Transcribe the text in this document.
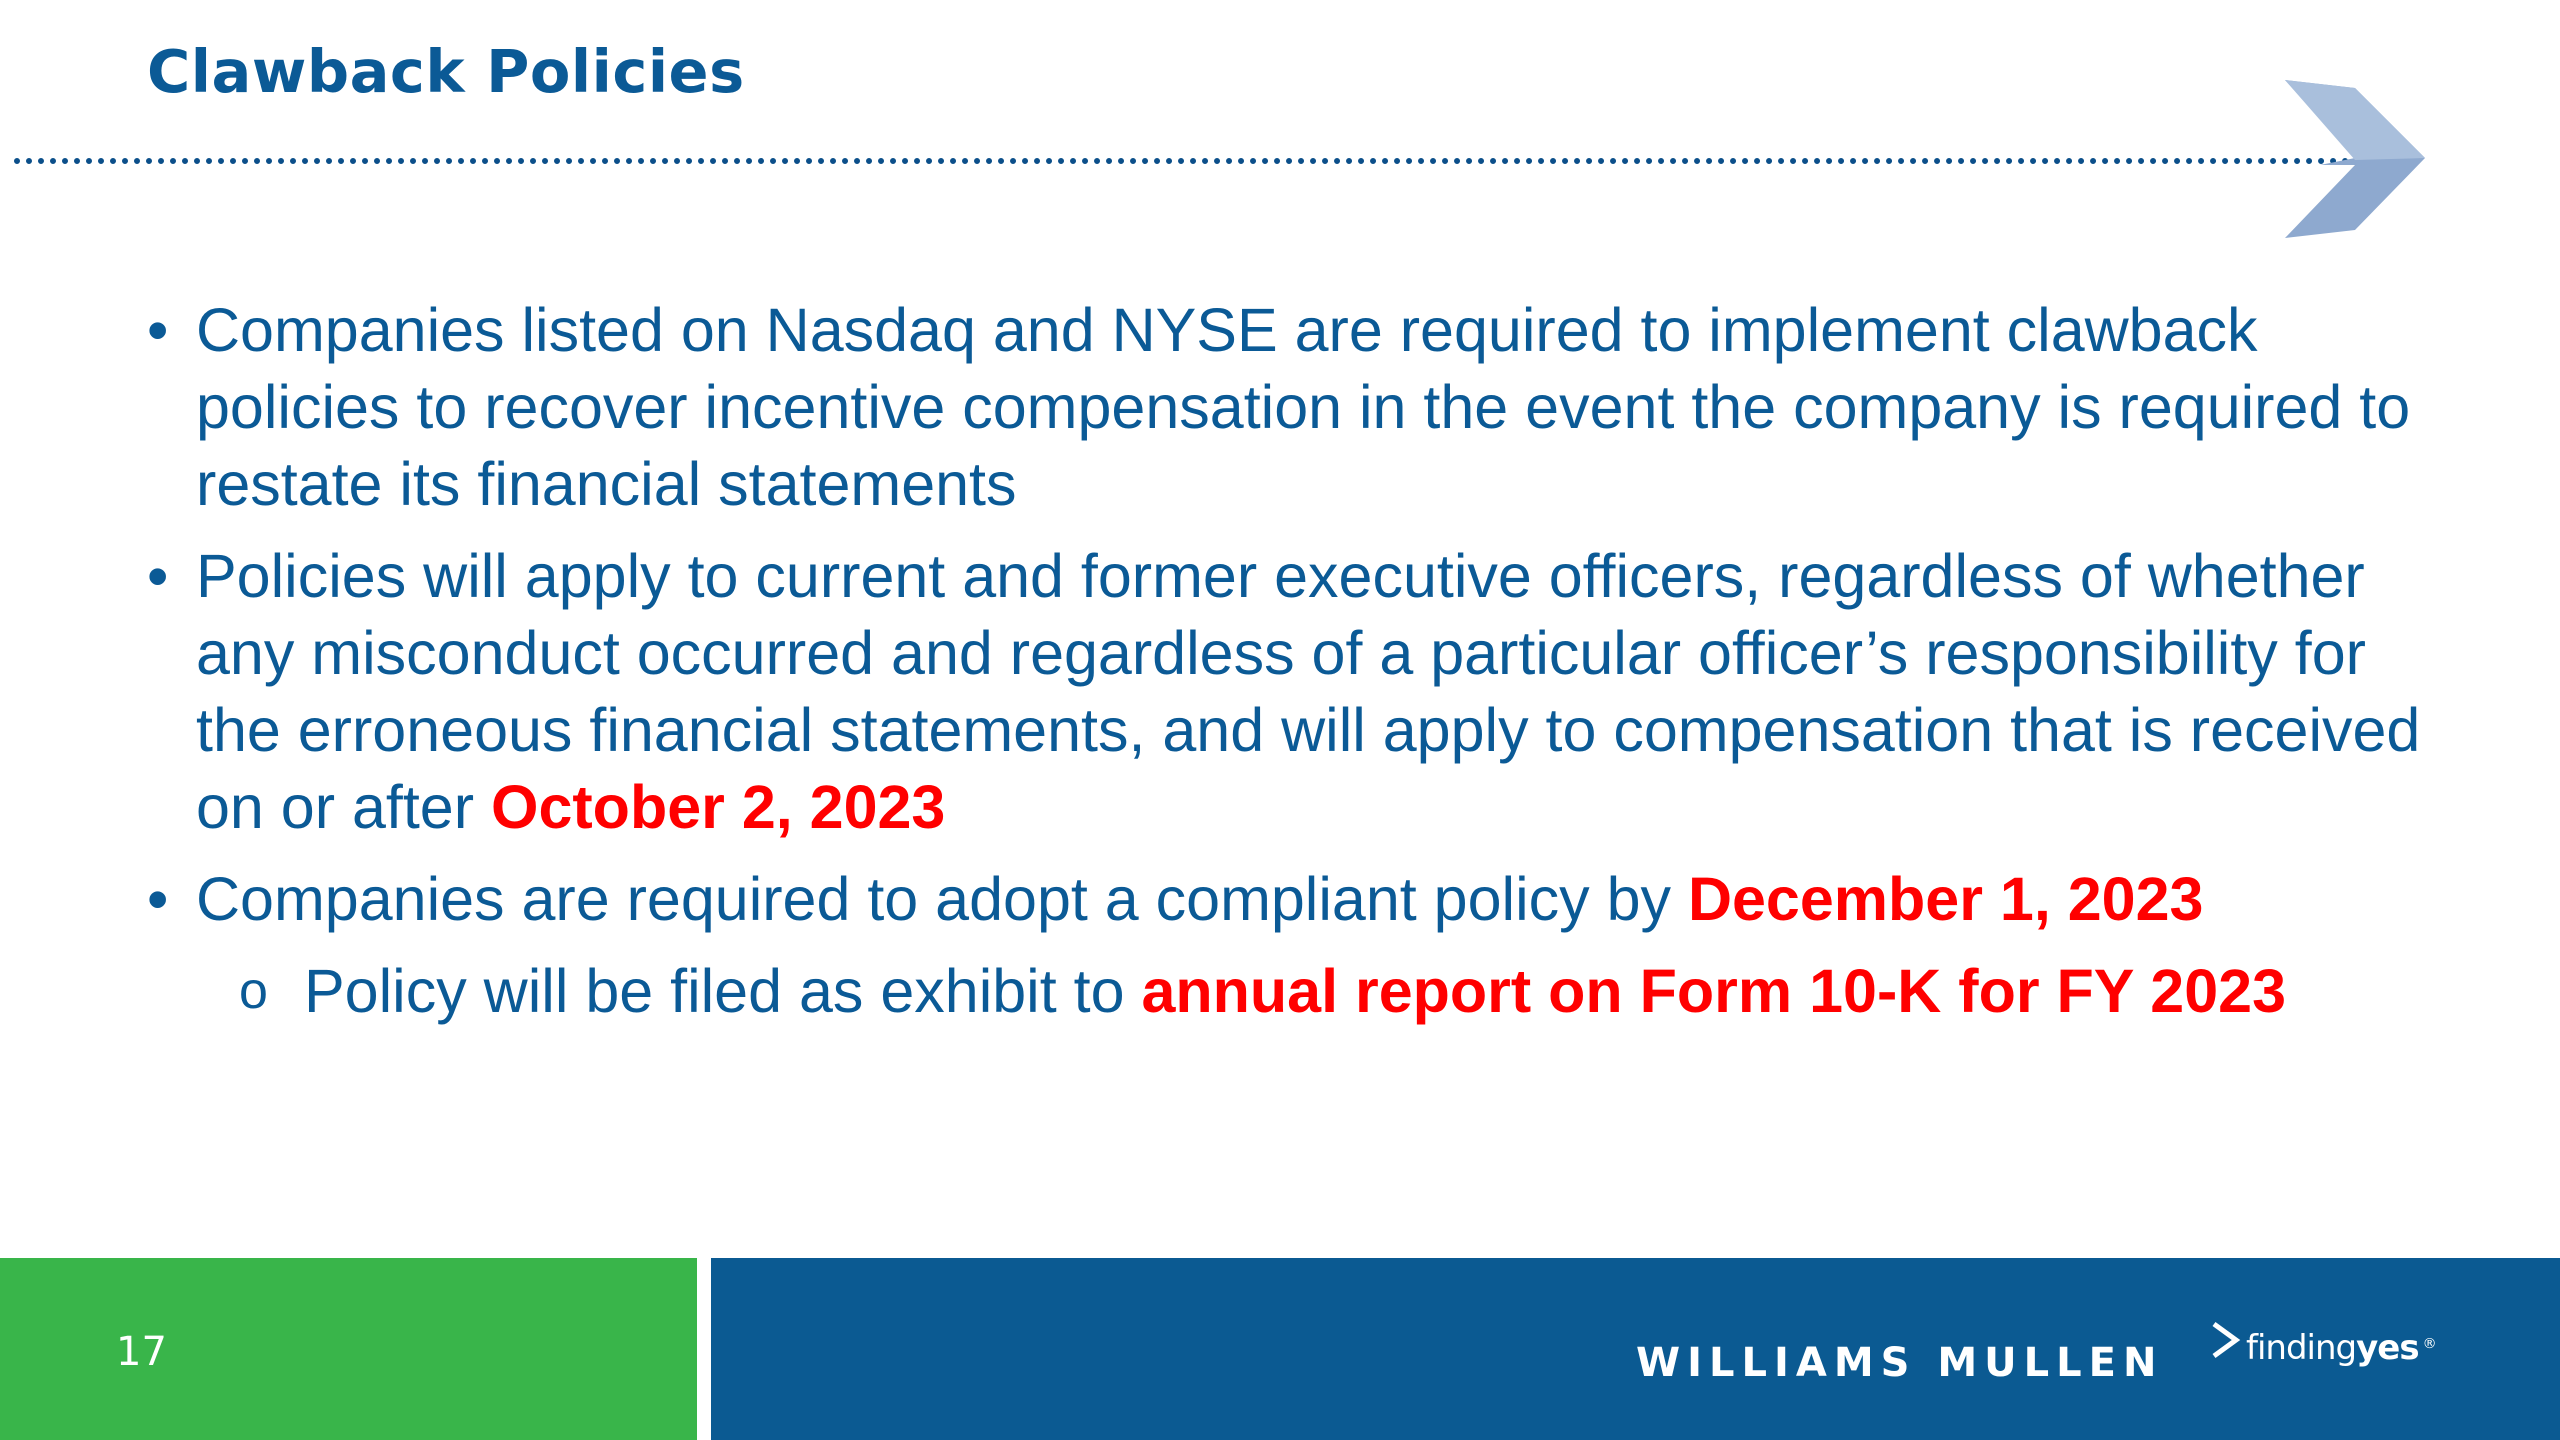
Clawback Policies
• Companies listed on Nasdaq and NYSE are required to implement clawback policies to recover incentive compensation in the event the company is required to restate its financial statements
• Policies will apply to current and former executive officers, regardless of whether any misconduct occurred and regardless of a particular officer’s responsibility for the erroneous financial statements, and will apply to compensation that is received on or after October 2, 2023
• Companies are required to adopt a compliant policy by December 1, 2023
o Policy will be filed as exhibit to annual report on Form 10-K for FY 2023
17	WILLIAMS MULLEN findingyes ®
